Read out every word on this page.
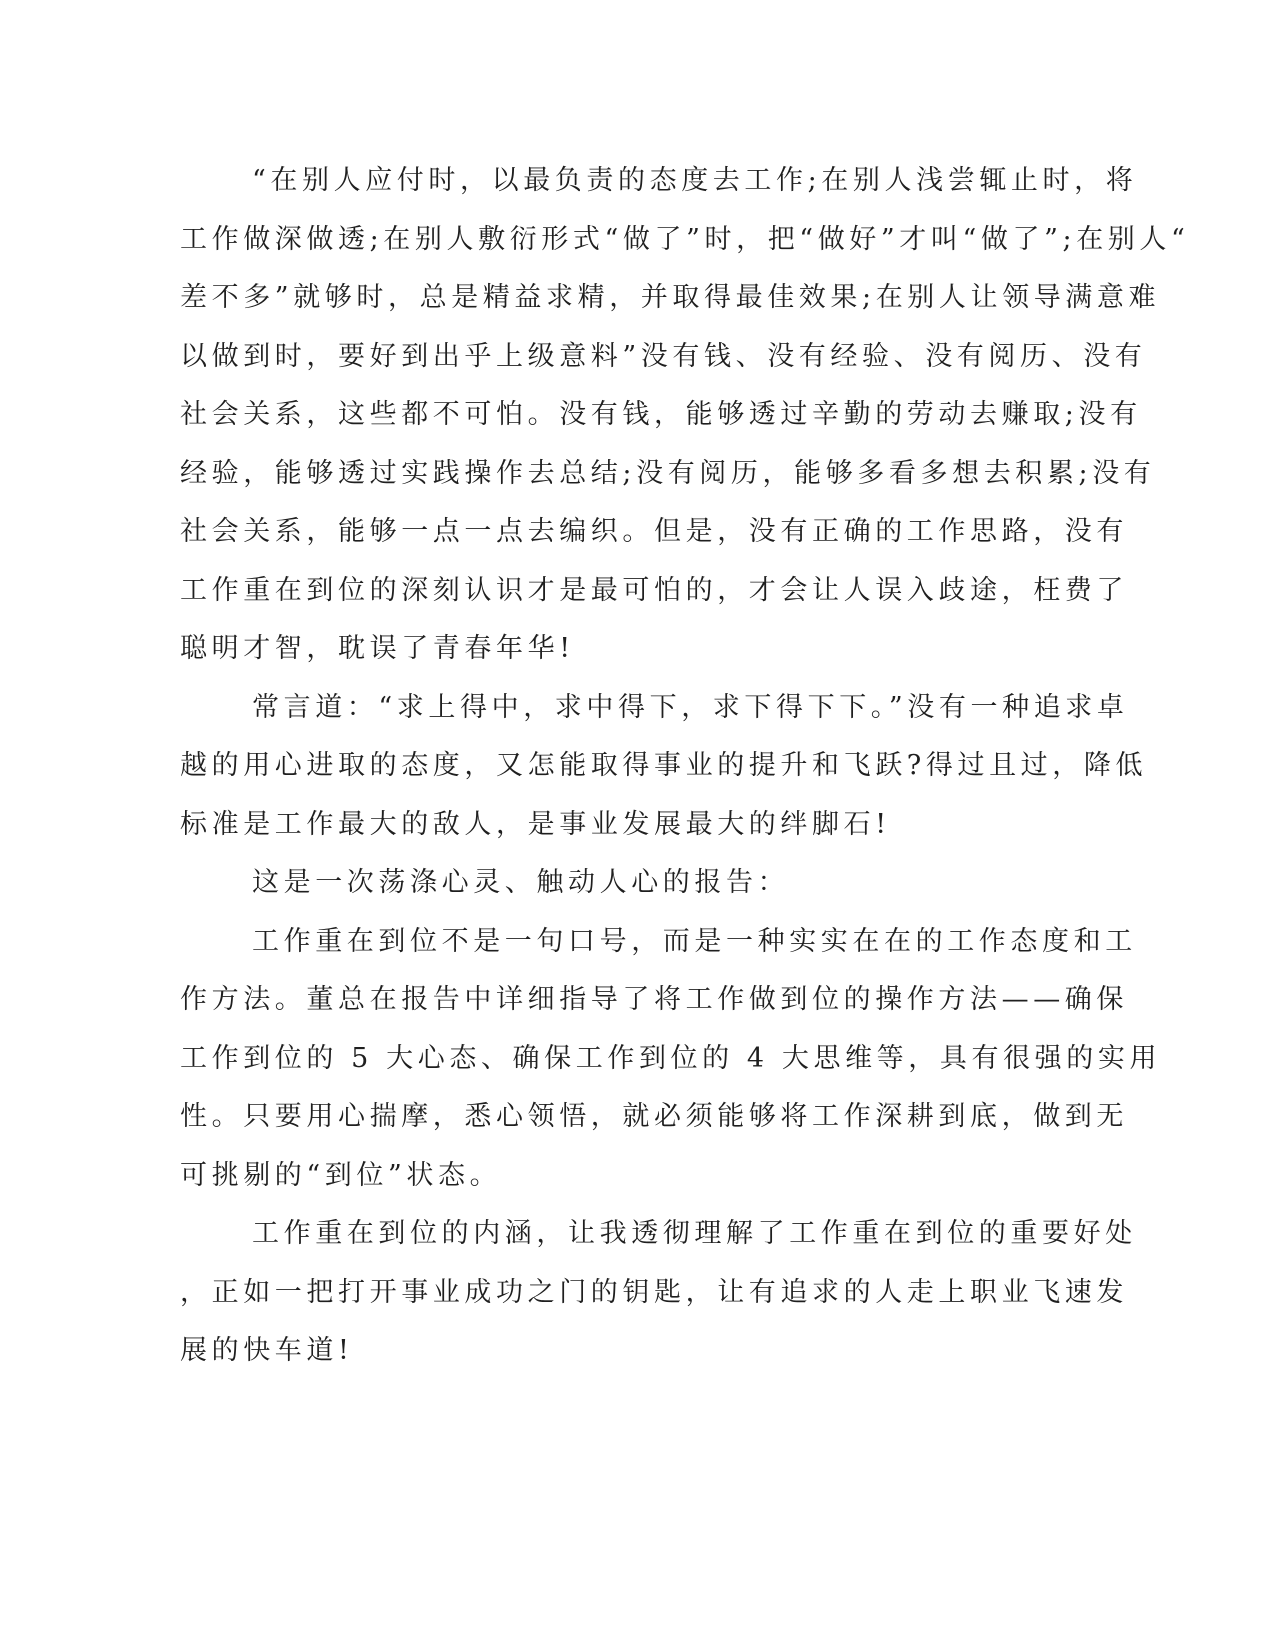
“在别人应付时，以最负责的态度去工作;在别人浅尝辄止时，将
工作做深做透;在别人敷衍形式“做了”时，把“做好”才叫“做了”;在别人“
差不多”就够时，总是精益求精，并取得最佳效果;在别人让领导满意难
以做到时，要好到出乎上级意料”没有钱、没有经验、没有阅历、没有
社会关系，这些都不可怕。没有钱，能够透过辛勤的劳动去赚取;没有
经验，能够透过实践操作去总结;没有阅历，能够多看多想去积累;没有
社会关系，能够一点一点去编织。但是，没有正确的工作思路，没有
工作重在到位的深刻认识才是最可怕的，才会让人误入歧途，枉费了
聪明才智，耽误了青春年华!
常言道：“求上得中，求中得下，求下得下下。”没有一种追求卓
越的用心进取的态度，又怎能取得事业的提升和飞跃?得过且过，降低
标准是工作最大的敌人，是事业发展最大的绊脚石!
这是一次荡涤心灵、触动人心的报告：
工作重在到位不是一句口号，而是一种实实在在的工作态度和工
作方法。董总在报告中详细指导了将工作做到位的操作方法——确保
工作到位的 5 大心态、确保工作到位的 4 大思维等，具有很强的实用
性。只要用心揣摩，悉心领悟，就必须能够将工作深耕到底，做到无
可挑剔的“到位”状态。
工作重在到位的内涵，让我透彻理解了工作重在到位的重要好处
，正如一把打开事业成功之门的钥匙，让有追求的人走上职业飞速发
展的快车道!
